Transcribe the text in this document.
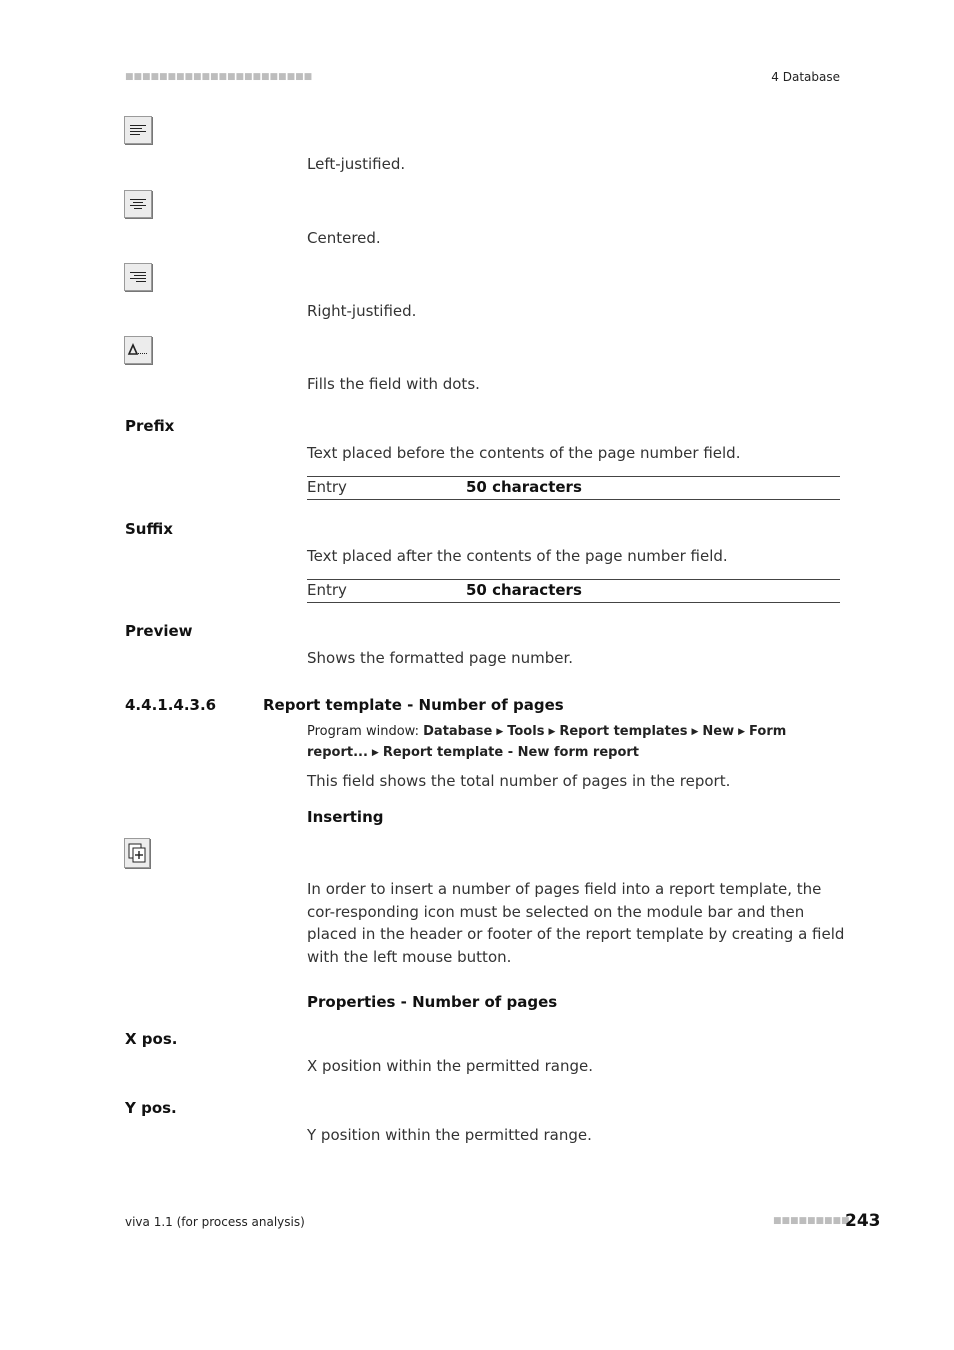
■■■■■■■■■■■■■■■■■■■■■■	4 Database
Left-justified.
Centered.
Right-justified.
Fills the field with dots.
Prefix
Text placed before the contents of the page number field.
Entry	50 characters
Suffix
Text placed after the contents of the page number field.
Entry	50 characters
Preview
Shows the formatted page number.
4.4.1.4.3.6	Report template - Number of pages
Program window: Database ▶ Tools ▶ Report templates ▶ New ▶ Form report... ▶ Report template - New form report
This field shows the total number of pages in the report.
Inserting
In order to insert a number of pages field into a report template, the cor-responding icon must be selected on the module bar and then placed in the header or footer of the report template by creating a field with the left mouse button.
Properties - Number of pages
X pos.
X position within the permitted range.
Y pos.
Y position within the permitted range.
viva 1.1 (for process analysis)	■■■■■■■■■
243
